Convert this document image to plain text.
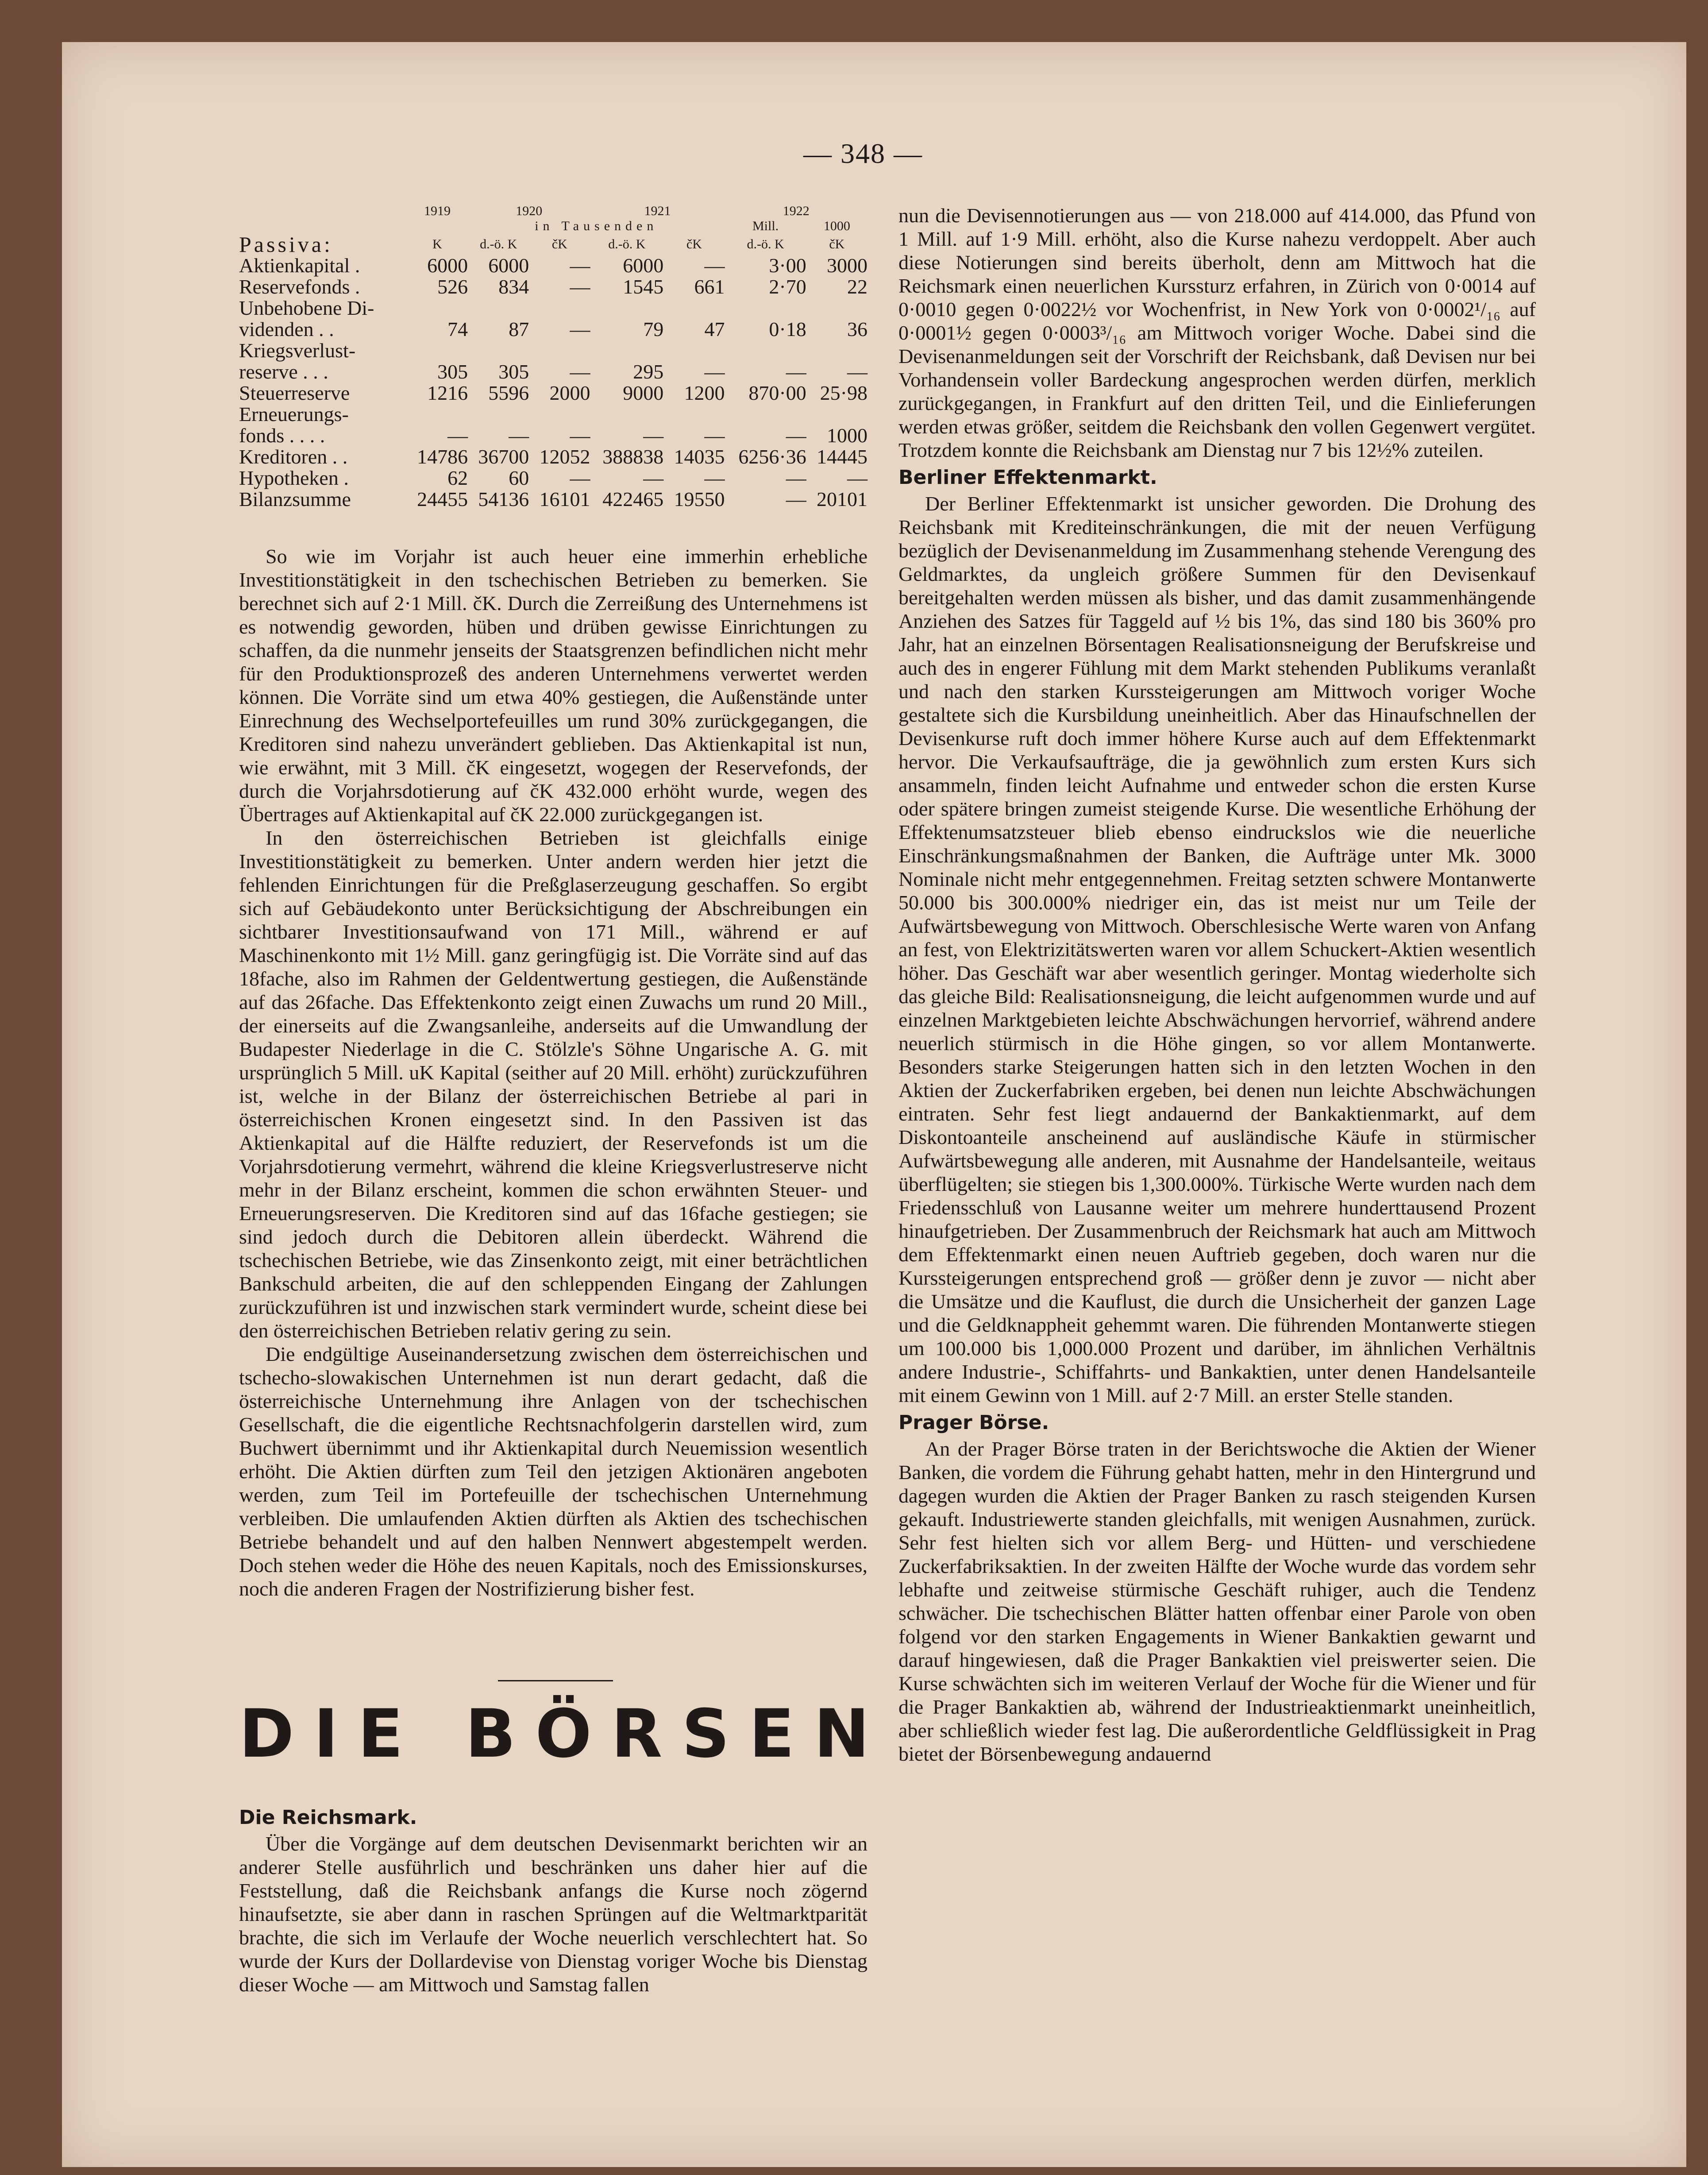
— 348 —
	1919	1920		1921		1922	
		in Tausenden				Mill.	1000
Passiva:	K	d.-ö. K	čK	d.-ö. K	čK	d.-ö. K	čK
Aktienkapital .	6000	6000	—	6000	—	3·00	3000
Reservefonds .	526	834	—	1545	661	2·70	22
Unbehobene Di-							
videnden . .	74	87	—	79	47	0·18	36
Kriegsverlust-							
reserve . . .	305	305	—	295	—	—	—
Steuerreserve	1216	5596	2000	9000	1200	870·00	25·98
Erneuerungs-							
fonds . . . .	—	—	—	—	—	—	1000
Kreditoren . .	14786	36700	12052	388838	14035	6256·36	14445
Hypotheken .	62	60	—	—	—	—	—
Bilanzsumme	24455	54136	16101	422465	19550	—	20101

So wie im Vorjahr ist auch heuer eine immerhin erhebliche Investitionstätigkeit in den tschechischen Betrieben zu bemerken. Sie berechnet sich auf 2·1 Mill. čK. Durch die Zerreißung des Unternehmens ist es notwendig geworden, hüben und drüben gewisse Einrichtungen zu schaffen, da die nunmehr jenseits der Staatsgrenzen befindlichen nicht mehr für den Produktionsprozeß des anderen Unternehmens verwertet werden können. Die Vorräte sind um etwa 40% gestiegen, die Außenstände unter Einrechnung des Wechselportefeuilles um rund 30% zurückgegangen, die Kreditoren sind nahezu unverändert geblieben. Das Aktienkapital ist nun, wie erwähnt, mit 3 Mill. čK eingesetzt, wogegen der Reservefonds, der durch die Vorjahrsdotierung auf čK 432.000 erhöht wurde, wegen des Übertrages auf Aktienkapital auf čK 22.000 zurückgegangen ist.

In den österreichischen Betrieben ist gleichfalls einige Investitionstätigkeit zu bemerken. Unter andern werden hier jetzt die fehlenden Einrichtungen für die Preßglaserzeugung geschaffen. So ergibt sich auf Gebäudekonto unter Berücksichtigung der Abschreibungen ein sichtbarer Investitionsaufwand von 171 Mill., während er auf Maschinenkonto mit 1½ Mill. ganz geringfügig ist. Die Vorräte sind auf das 18fache, also im Rahmen der Geldentwertung gestiegen, die Außenstände auf das 26fache. Das Effektenkonto zeigt einen Zuwachs um rund 20 Mill., der einerseits auf die Zwangsanleihe, anderseits auf die Umwandlung der Budapester Niederlage in die C. Stölzle's Söhne Ungarische A. G. mit ursprünglich 5 Mill. uK Kapital (seither auf 20 Mill. erhöht) zurückzuführen ist, welche in der Bilanz der österreichischen Betriebe al pari in österreichischen Kronen eingesetzt sind. In den Passiven ist das Aktienkapital auf die Hälfte reduziert, der Reservefonds ist um die Vorjahrsdotierung vermehrt, während die kleine Kriegsverlustreserve nicht mehr in der Bilanz erscheint, kommen die schon erwähnten Steuer- und Erneuerungsreserven. Die Kreditoren sind auf das 16fache gestiegen; sie sind jedoch durch die Debitoren allein überdeckt. Während die tschechischen Betriebe, wie das Zinsenkonto zeigt, mit einer beträchtlichen Bankschuld arbeiten, die auf den schleppenden Eingang der Zahlungen zurückzuführen ist und inzwischen stark vermindert wurde, scheint diese bei den österreichischen Betrieben relativ gering zu sein.

Die endgültige Auseinandersetzung zwischen dem österreichischen und tschecho-slowakischen Unternehmen ist nun derart gedacht, daß die österreichische Unternehmung ihre Anlagen von der tschechischen Gesellschaft, die die eigentliche Rechtsnachfolgerin darstellen wird, zum Buchwert übernimmt und ihr Aktienkapital durch Neuemission wesentlich erhöht. Die Aktien dürften zum Teil den jetzigen Aktionären angeboten werden, zum Teil im Portefeuille der tschechischen Unternehmung verbleiben. Die umlaufenden Aktien dürften als Aktien des tschechischen Betriebe behandelt und auf den halben Nennwert abgestempelt werden. Doch stehen weder die Höhe des neuen Kapitals, noch des Emissionskurses, noch die anderen Fragen der Nostrifizierung bisher fest.

DIE BÖRSEN
Die Reichsmark.

Über die Vorgänge auf dem deutschen Devisenmarkt berichten wir an anderer Stelle ausführlich und beschränken uns daher hier auf die Feststellung, daß die Reichsbank anfangs die Kurse noch zögernd hinaufsetzte, sie aber dann in raschen Sprüngen auf die Weltmarktparität brachte, die sich im Verlaufe der Woche neuerlich verschlechtert hat. So wurde der Kurs der Dollardevise von Dienstag voriger Woche bis Dienstag dieser Woche — am Mittwoch und Samstag fallen

nun die Devisennotierungen aus — von 218.000 auf 414.000, das Pfund von 1 Mill. auf 1·9 Mill. erhöht, also die Kurse nahezu verdoppelt. Aber auch diese Notierungen sind bereits überholt, denn am Mittwoch hat die Reichsmark einen neuerlichen Kurssturz erfahren, in Zürich von 0·0014 auf 0·0010 gegen 0·0022½ vor Wochenfrist, in New York von 0·0002¹/₁₆ auf 0·0001½ gegen 0·0003³/₁₆ am Mittwoch voriger Woche. Dabei sind die Devisenanmeldungen seit der Vorschrift der Reichsbank, daß Devisen nur bei Vorhandensein voller Bardeckung angesprochen werden dürfen, merklich zurückgegangen, in Frankfurt auf den dritten Teil, und die Einlieferungen werden etwas größer, seitdem die Reichsbank den vollen Gegenwert vergütet. Trotzdem konnte die Reichsbank am Dienstag nur 7 bis 12½% zuteilen.

Berliner Effektenmarkt.

Der Berliner Effektenmarkt ist unsicher geworden. Die Drohung des Reichsbank mit Krediteinschränkungen, die mit der neuen Verfügung bezüglich der Devisenanmeldung im Zusammenhang stehende Verengung des Geldmarktes, da ungleich größere Summen für den Devisenkauf bereitgehalten werden müssen als bisher, und das damit zusammenhängende Anziehen des Satzes für Taggeld auf ½ bis 1%, das sind 180 bis 360% pro Jahr, hat an einzelnen Börsentagen Realisationsneigung der Berufskreise und auch des in engerer Fühlung mit dem Markt stehenden Publikums veranlaßt und nach den starken Kurssteigerungen am Mittwoch voriger Woche gestaltete sich die Kursbildung uneinheitlich. Aber das Hinaufschnellen der Devisenkurse ruft doch immer höhere Kurse auch auf dem Effektenmarkt hervor. Die Verkaufsaufträge, die ja gewöhnlich zum ersten Kurs sich ansammeln, finden leicht Aufnahme und entweder schon die ersten Kurse oder spätere bringen zumeist steigende Kurse. Die wesentliche Erhöhung der Effektenumsatzsteuer blieb ebenso eindruckslos wie die neuerliche Einschränkungsmaßnahmen der Banken, die Aufträge unter Mk. 3000 Nominale nicht mehr entgegennehmen. Freitag setzten schwere Montanwerte 50.000 bis 300.000% niedriger ein, das ist meist nur um Teile der Aufwärtsbewegung von Mittwoch. Oberschlesische Werte waren von Anfang an fest, von Elektrizitätswerten waren vor allem Schuckert-Aktien wesentlich höher. Das Geschäft war aber wesentlich geringer. Montag wiederholte sich das gleiche Bild: Realisationsneigung, die leicht aufgenommen wurde und auf einzelnen Marktgebieten leichte Abschwächungen hervorrief, während andere neuerlich stürmisch in die Höhe gingen, so vor allem Montanwerte. Besonders starke Steigerungen hatten sich in den letzten Wochen in den Aktien der Zuckerfabriken ergeben, bei denen nun leichte Abschwächungen eintraten. Sehr fest liegt andauernd der Bankaktienmarkt, auf dem Diskontoanteile anscheinend auf ausländische Käufe in stürmischer Aufwärtsbewegung alle anderen, mit Ausnahme der Handelsanteile, weitaus überflügelten; sie stiegen bis 1,300.000%. Türkische Werte wurden nach dem Friedensschluß von Lausanne weiter um mehrere hunderttausend Prozent hinaufgetrieben. Der Zusammenbruch der Reichsmark hat auch am Mittwoch dem Effektenmarkt einen neuen Auftrieb gegeben, doch waren nur die Kurssteigerungen entsprechend groß — größer denn je zuvor — nicht aber die Umsätze und die Kauflust, die durch die Unsicherheit der ganzen Lage und die Geldknappheit gehemmt waren. Die führenden Montanwerte stiegen um 100.000 bis 1,000.000 Prozent und darüber, im ähnlichen Verhältnis andere Industrie-, Schiffahrts- und Bankaktien, unter denen Handelsanteile mit einem Gewinn von 1 Mill. auf 2·7 Mill. an erster Stelle standen.

Prager Börse.

An der Prager Börse traten in der Berichtswoche die Aktien der Wiener Banken, die vordem die Führung gehabt hatten, mehr in den Hintergrund und dagegen wurden die Aktien der Prager Banken zu rasch steigenden Kursen gekauft. Industriewerte standen gleichfalls, mit wenigen Ausnahmen, zurück. Sehr fest hielten sich vor allem Berg- und Hütten- und verschiedene Zuckerfabriksaktien. In der zweiten Hälfte der Woche wurde das vordem sehr lebhafte und zeitweise stürmische Geschäft ruhiger, auch die Tendenz schwächer. Die tschechischen Blätter hatten offenbar einer Parole von oben folgend vor den starken Engagements in Wiener Bankaktien gewarnt und darauf hingewiesen, daß die Prager Bankaktien viel preiswerter seien. Die Kurse schwächten sich im weiteren Verlauf der Woche für die Wiener und für die Prager Bankaktien ab, während der Industrieaktienmarkt uneinheitlich, aber schließlich wieder fest lag. Die außerordentliche Geldflüssigkeit in Prag bietet der Börsenbewegung andauernd
